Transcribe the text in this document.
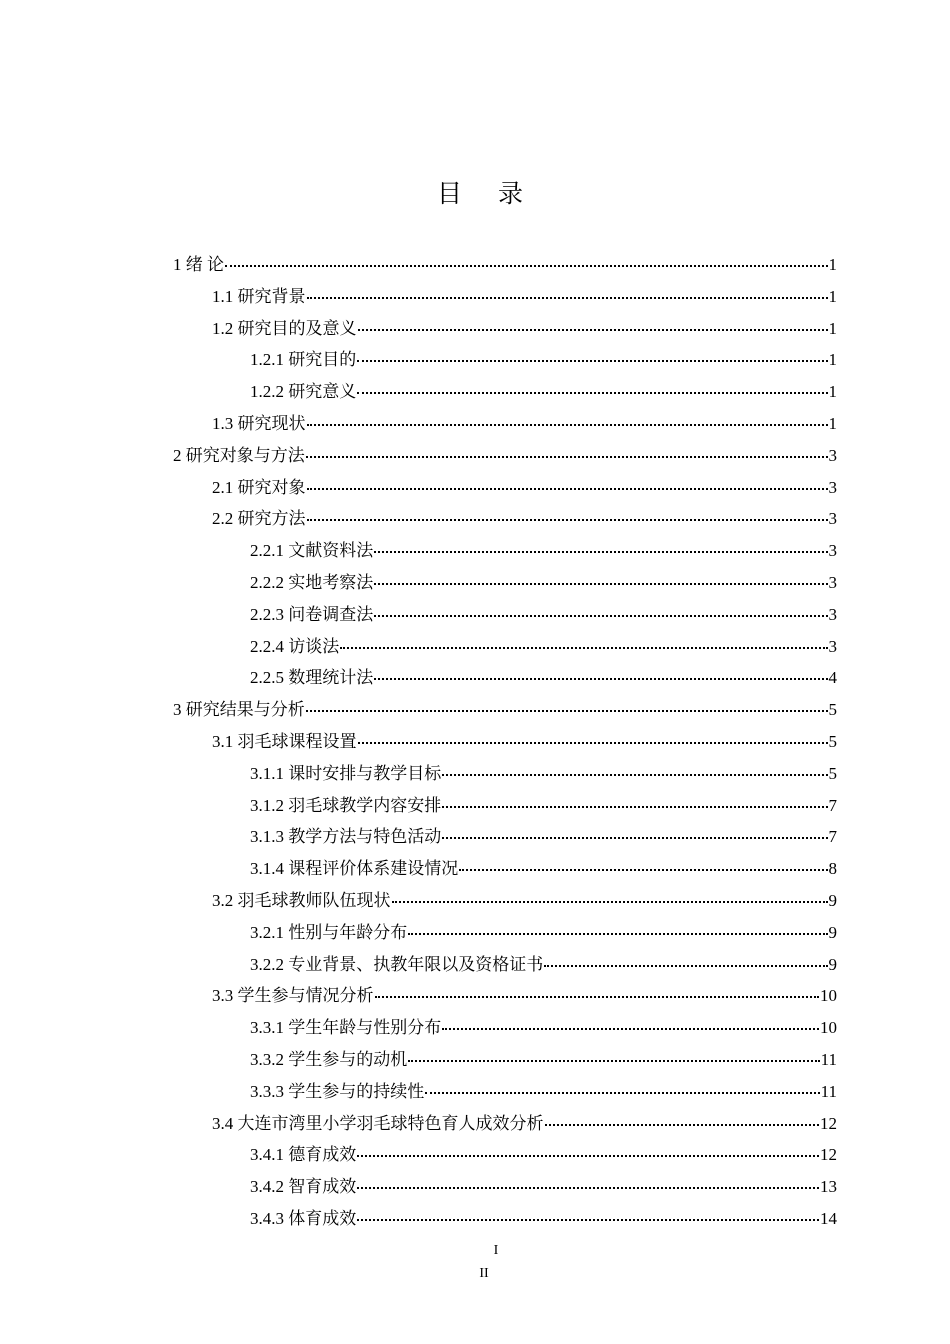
目 录
1 绪 论	1
1.1 研究背景	1
1.2 研究目的及意义	1
1.2.1 研究目的	1
1.2.2 研究意义	1
1.3 研究现状	1
2 研究对象与方法	3
2.1 研究对象	3
2.2 研究方法	3
2.2.1 文献资料法	3
2.2.2 实地考察法	3
2.2.3 问卷调查法	3
2.2.4 访谈法	3
2.2.5 数理统计法	4
3 研究结果与分析	5
3.1 羽毛球课程设置	5
3.1.1 课时安排与教学目标	5
3.1.2 羽毛球教学内容安排	7
3.1.3 教学方法与特色活动	7
3.1.4 课程评价体系建设情况	8
3.2 羽毛球教师队伍现状	9
3.2.1 性别与年龄分布	9
3.2.2 专业背景、执教年限以及资格证书	9
3.3 学生参与情况分析	10
3.3.1 学生年龄与性别分布	10
3.3.2 学生参与的动机	11
3.3.3 学生参与的持续性	11
3.4 大连市湾里小学羽毛球特色育人成效分析	12
3.4.1 德育成效	12
3.4.2 智育成效	13
3.4.3 体育成效	14
I
II
